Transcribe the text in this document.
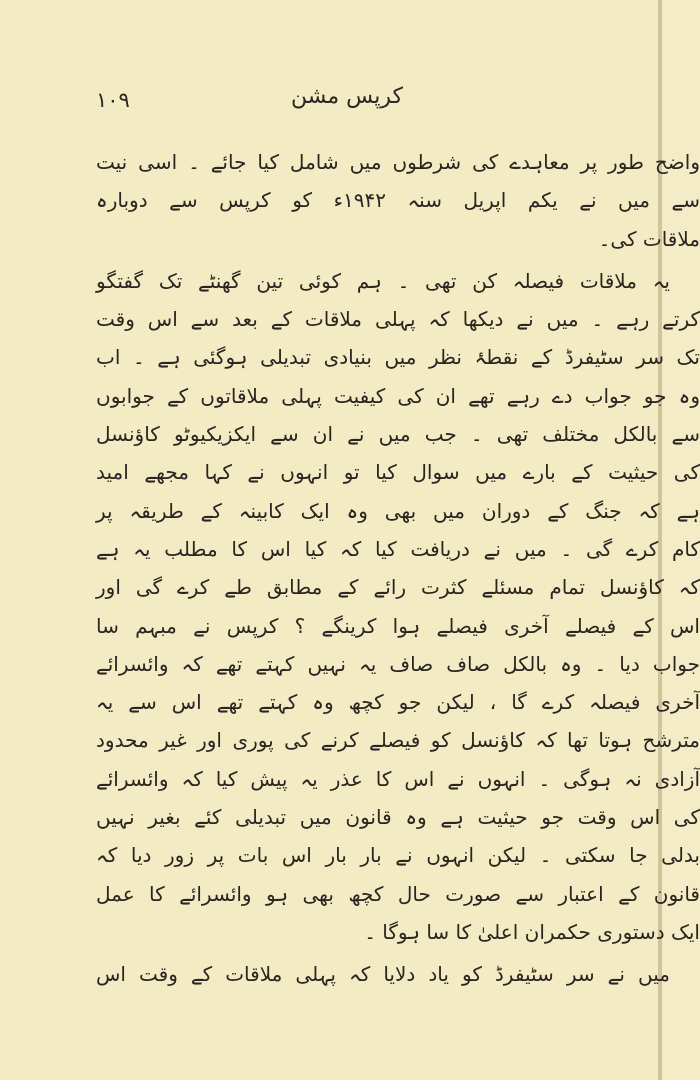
١٠٩	کرپس مشن
واضح طور پر معاہدے کی شرطوں میں شامل کیا جائے ۔ اسی نیت
سے میں نے یکم اپریل سنہ ۱۹۴۲ء کو کرپس سے دوبارہ
ملاقات کی۔
یہ ملاقات فیصلہ کن تھی ۔ ہم کوئی تین گھنٹے تک گفتگو
کرتے رہے ۔ میں نے دیکھا کہ پہلی ملاقات کے بعد سے اس وقت
تک سر سٹیفرڈ کے نقطۂ نظر میں بنیادی تبدیلی ہوگئی ہے ۔ اب
وہ جو جواب دے رہے تھے ان کی کیفیت پہلی ملاقاتوں کے جوابوں
سے بالکل مختلف تھی ۔ جب میں نے ان سے ایکزیکیوٹو کاؤنسل
کی حیثیت کے بارے میں سوال کیا تو انہوں نے کہا مجھے امید
ہے کہ جنگ کے دوران میں بھی وہ ایک کابینہ کے طریقہ پر
کام کرے گی ۔ میں نے دریافت کیا کہ کیا اس کا مطلب یہ ہے
کہ کاؤنسل تمام مسئلے کثرت رائے کے مطابق طے کرے گی اور
اس کے فیصلے آخری فیصلے ہوا کرینگے ؟ کرپس نے مبہم سا
جواب دیا ۔ وہ بالکل صاف صاف یہ نہیں کہتے تھے کہ وائسرائے
آخری فیصلہ کرے گا ، لیکن جو کچھ وہ کہتے تھے اس سے یہ
مترشح ہوتا تھا کہ کاؤنسل کو فیصلے کرنے کی پوری اور غیر محدود
آزادی نہ ہوگی ۔ انہوں نے اس کا عذر یہ پیش کیا کہ وائسرائے
کی اس وقت جو حیثیت ہے وہ قانون میں تبدیلی کئے بغیر نہیں
بدلی جا سکتی ۔ لیکن انہوں نے بار بار اس بات پر زور دیا کہ
قانون کے اعتبار سے صورت حال کچھ بھی ہو وائسرائے کا عمل
ایک دستوری حکمران اعلیٰ کا سا ہوگا ۔
میں نے سر سٹیفرڈ کو یاد دلایا کہ پہلی ملاقات کے وقت اس
